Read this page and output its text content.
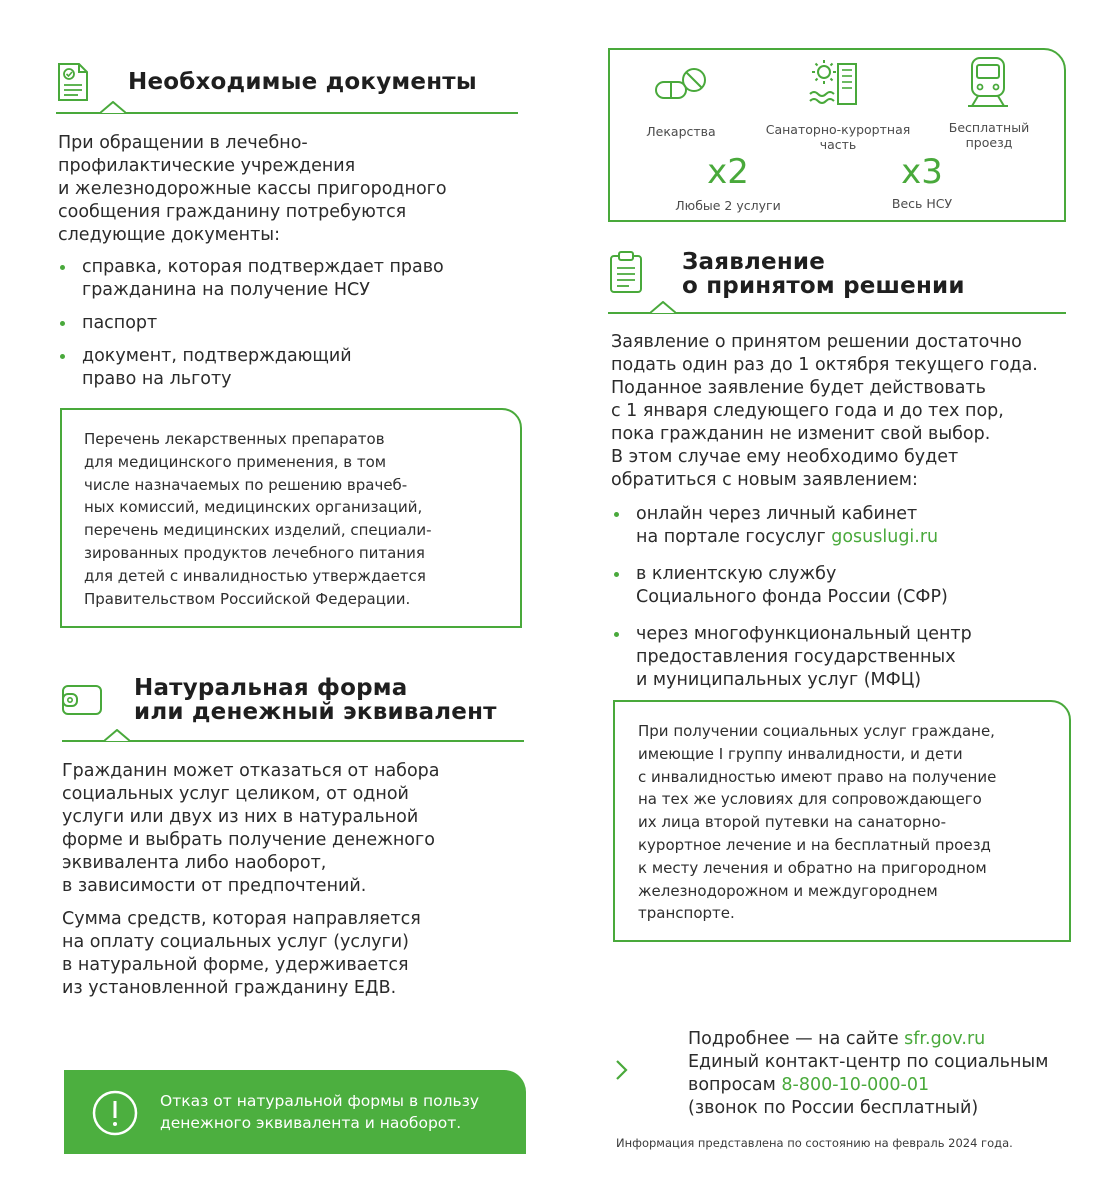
Необходимые документы
При обращении в лечебно-
профилактические учреждения
и железнодорожные кассы пригородного
сообщения гражданину потребуются
следующие документы:
справка, которая подтверждает право
гражданина на получение НСУ
паспорт
документ, подтверждающий
право на льготу
Перечень лекарственных препаратов
для медицинского применения, в том
числе назначаемых по решению врачеб-
ных комиссий, медицинских организаций,
перечень медицинских изделий, специали-
зированных продуктов лечебного питания
для детей с инвалидностью утверждается
Правительством Российской Федерации.
Натуральная форма
или денежный эквивалент
Гражданин может отказаться от набора
социальных услуг целиком, от одной
услуги или двух из них в натуральной
форме и выбрать получение денежного
эквивалента либо наоборот,
в зависимости от предпочтений.
Сумма средств, которая направляется
на оплату социальных услуг (услуги)
в натуральной форме, удерживается
из установленной гражданину ЕДВ.
Отказ от натуральной формы в пользу
денежного эквивалента и наоборот.
Лекарства	Санаторно-курортная
часть
Бесплатный
проезд
x2
Любые 2 услуги
x3
Весь НСУ
Заявление
о принятом решении
Заявление о принятом решении достаточно
подать один раз до 1 октября текущего года.
Поданное заявление будет действовать
с 1 января следующего года и до тех пор,
пока гражданин не изменит свой выбор.
В этом случае ему необходимо будет
обратиться с новым заявлением:
онлайн через личный кабинет
на портале госуслуг gosuslugi.ru
в клиентскую службу
Социального фонда России (СФР)
через многофункциональный центр
предоставления государственных
и муниципальных услуг (МФЦ)
При получении социальных услуг граждане,
имеющие I группу инвалидности, и дети
с инвалидностью имеют право на получение
на тех же условиях для сопровождающего
их лица второй путевки на санаторно-
курортное лечение и на бесплатный проезд
к месту лечения и обратно на пригородном
железнодорожном и междугороднем
транспорте.
Подробнее — на сайте sfr.gov.ru
Единый контакт-центр по социальным
вопросам 8-800-10-000-01
(звонок по России бесплатный)
Информация представлена по состоянию на февраль 2024 года.
